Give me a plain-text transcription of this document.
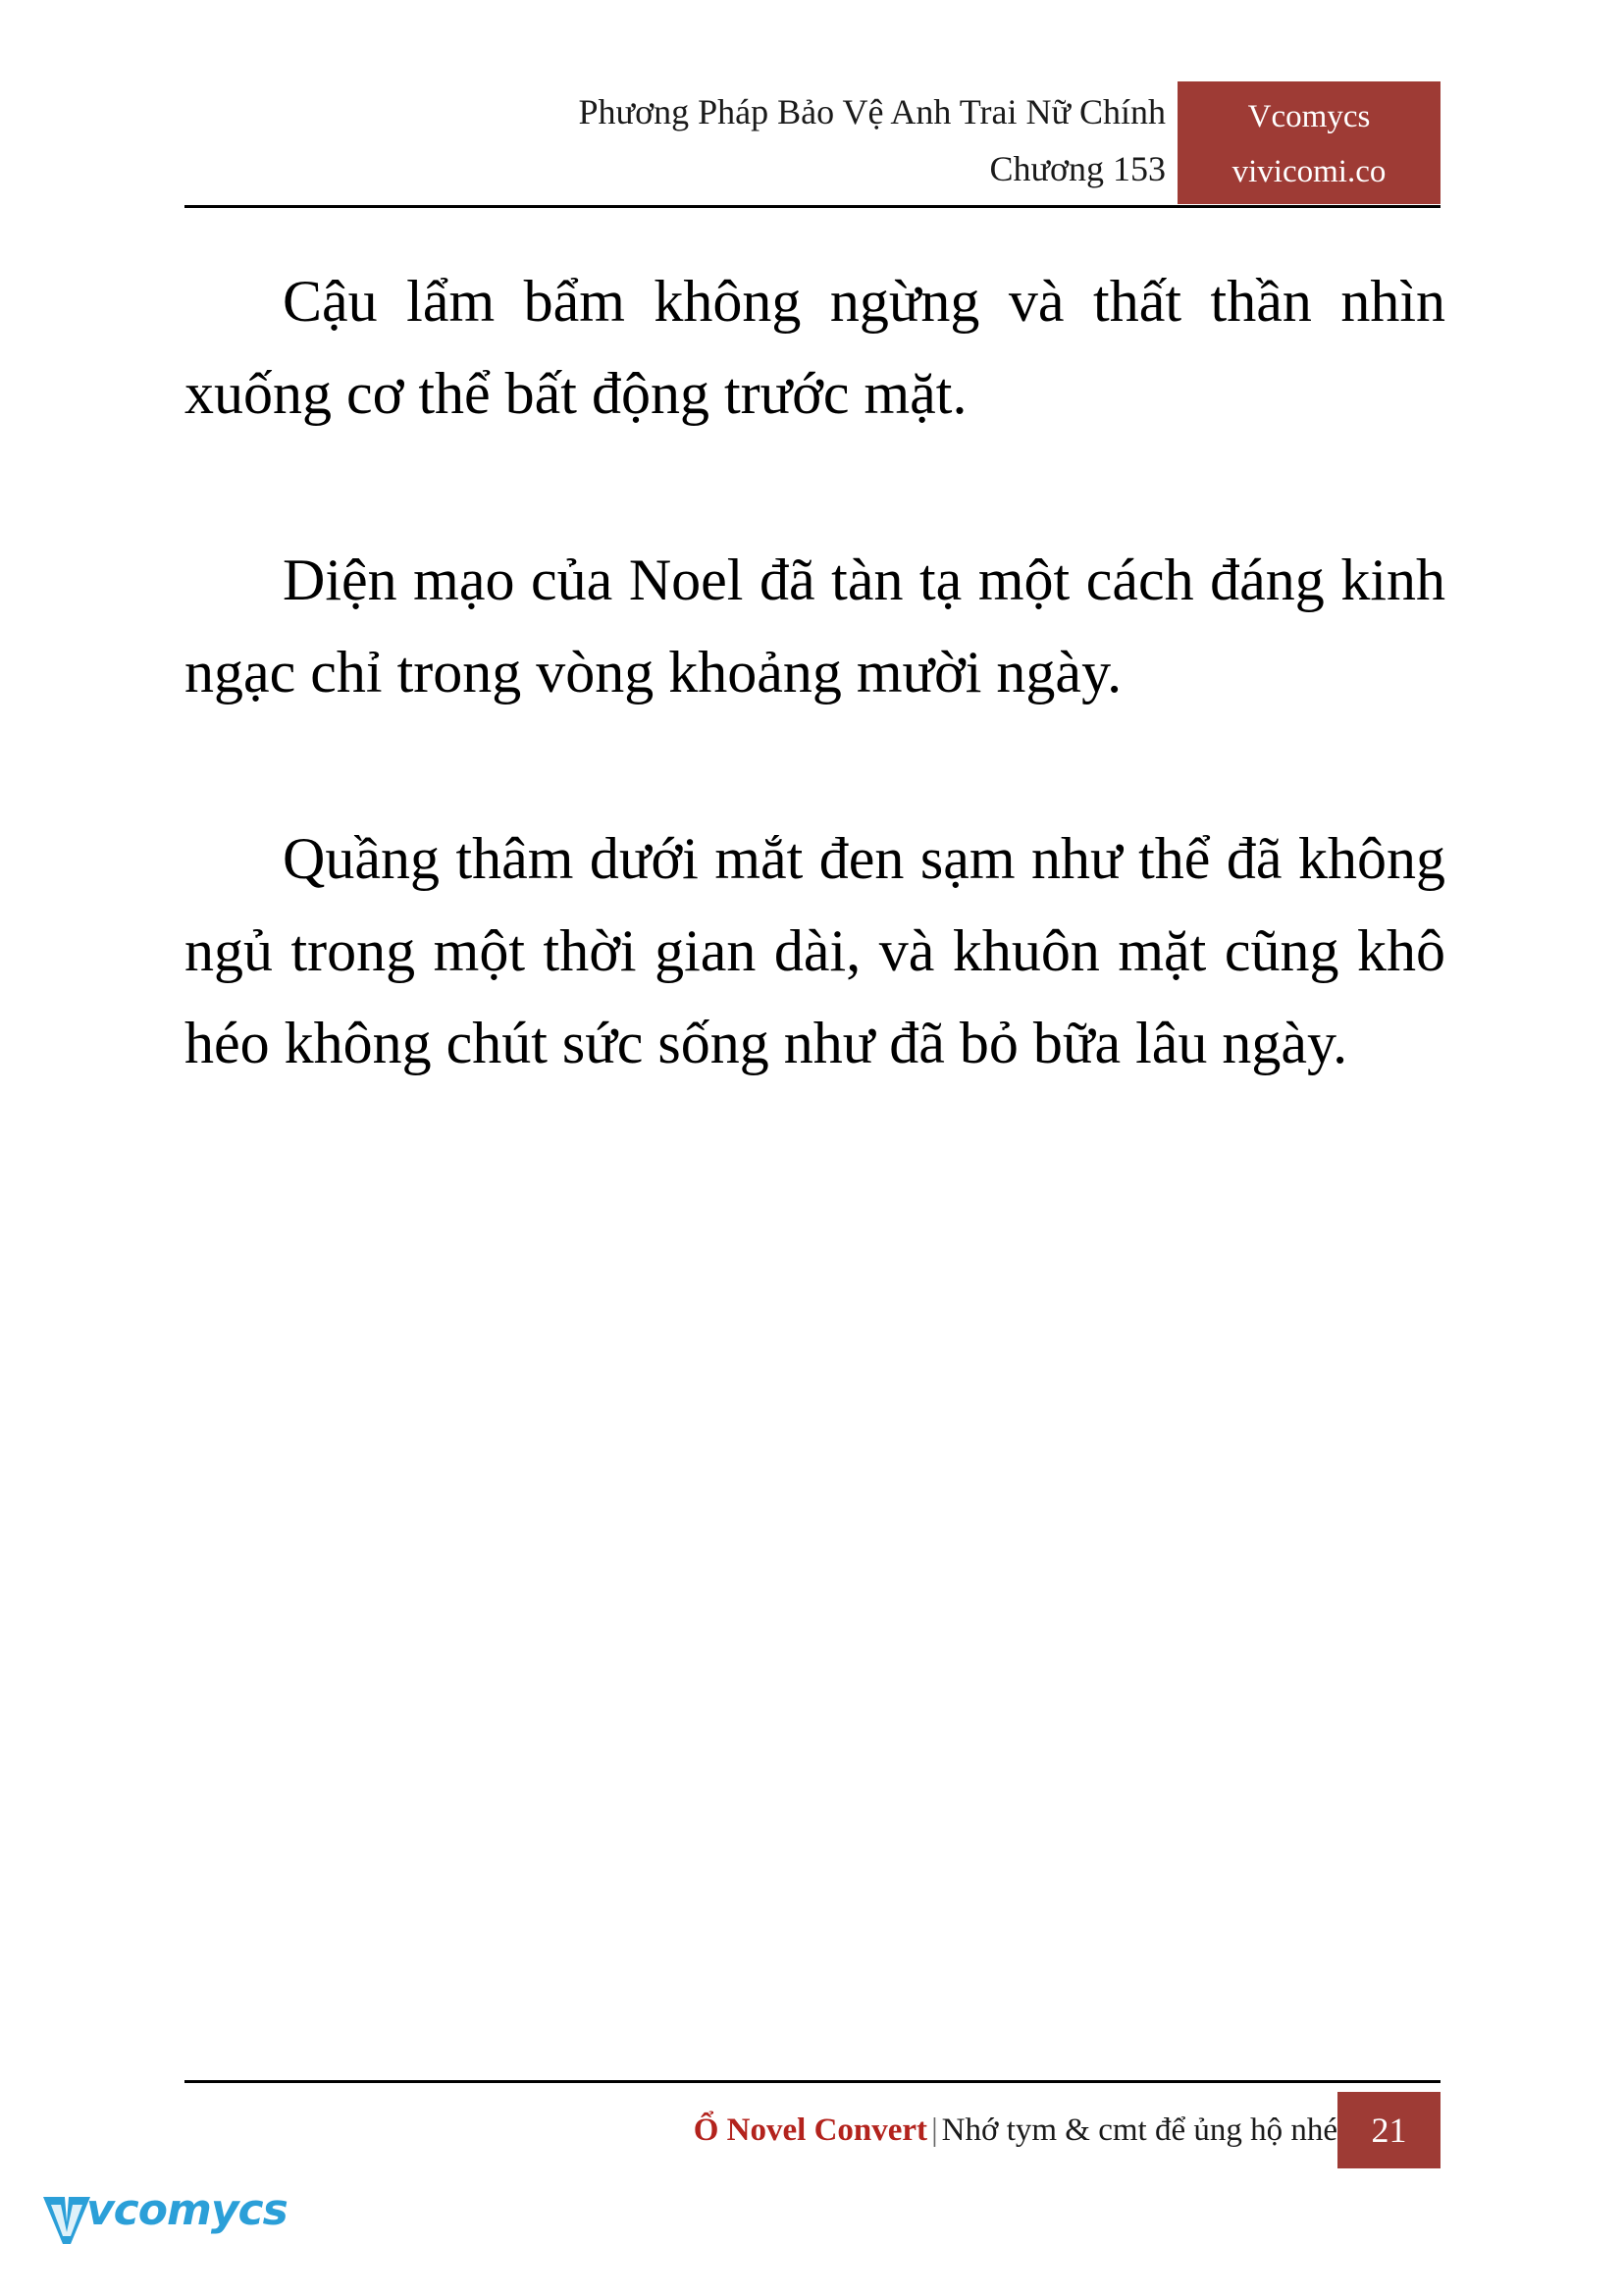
Phương Pháp Bảo Vệ Anh Trai Nữ Chính
Chương 153
Vcomycs
vivicomi.co

Cậu lẩm bẩm không ngừng và thất thần nhìn xuống cơ thể bất động trước mặt.

Diện mạo của Noel đã tàn tạ một cách đáng kinh ngạc chỉ trong vòng khoảng mười ngày.

Quầng thâm dưới mắt đen sạm như thể đã không ngủ trong một thời gian dài, và khuôn mặt cũng khô héo không chút sức sống như đã bỏ bữa lâu ngày.

Ổ Novel Convert | Nhớ tym & cmt để ủng hộ nhé 21
vcomycs
